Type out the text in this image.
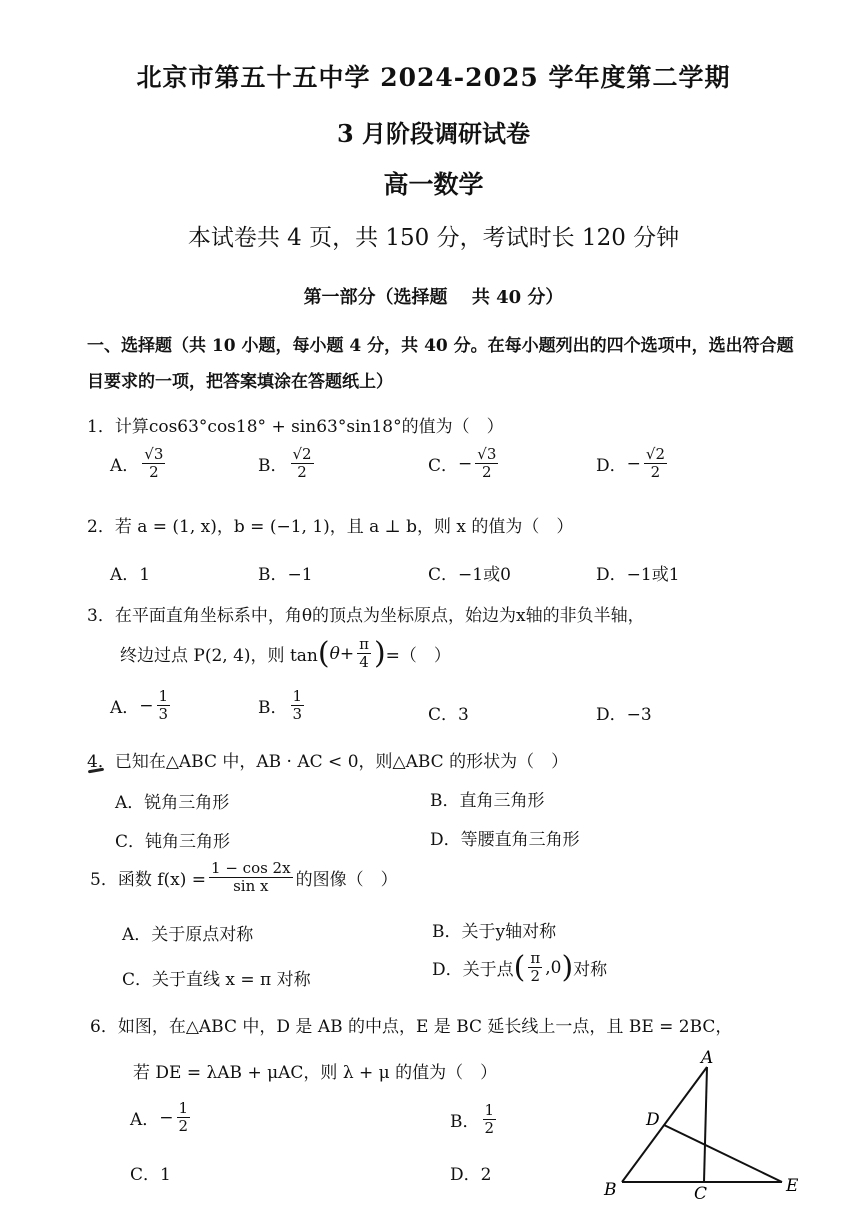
北京市第五十五中学 2024-2025 学年度第二学期
3 月阶段调研试卷
高一数学
本试卷共 4 页，共 150 分，考试时长 120 分钟
第一部分（选择题　 共 40 分）
一、选择题（共 10 小题，每小题 4 分，共 40 分。在每小题列出的四个选项中，选出符合题
目要求的一项，把答案填涂在答题纸上）
1．计算cos63°cos18° + sin63°sin18°的值为（　）
A． $\frac{√3}{2}$	B． $\frac{√2}{2}$	C． − $\frac{√3}{2}$	D． − $\frac{√2}{2}$
2．若 a = (1, x)，b = (−1, 1)，且 a ⊥ b，则 x 的值为（　）
A．1	B．−1	C．−1或0	D．−1或1
3．在平面直角坐标系中，角θ的顶点为坐标原点，始边为x轴的非负半轴，
终边过点 P(2, 4)，则 tan ( $\theta+ \frac{\pi}{4}$ ) =（　）
A． − $\frac{1}{3}$	B． $\frac{1}{3}$	C．3	D．−3
4．已知在△ABC 中，AB · AC < 0，则△ABC 的形状为（　）
A．锐角三角形	B．直角三角形
C．钝角三角形	D．等腰直角三角形
5．函数 $f(x) = \frac{1 - \cos 2x}{\text{sin x}}$ 的图像（　）
A．关于原点对称	B．关于y轴对称
C．关于直线 x = π 对称	D．关于点 ( $\frac{\pi}{2} ,0$ ) 对称
6．如图，在△ABC 中，D 是 AB 的中点，E 是 BC 延长线上一点，且 BE = 2BC，
若 DE = λAB + μAC，则 λ + μ 的值为（　）
A． − $\frac{1}{2}$	B． $\frac{1}{2}$
C．1	D．2
A
B	C
D
E
